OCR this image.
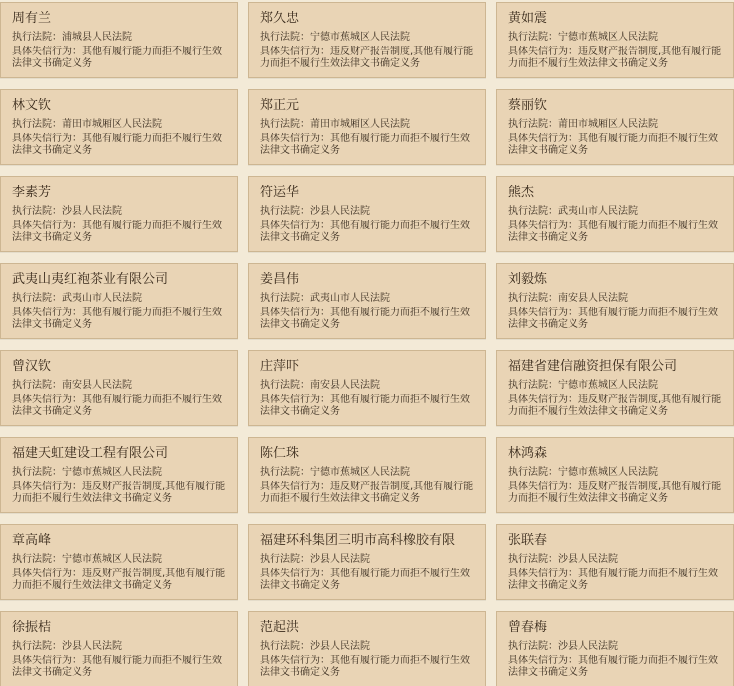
周有兰
执行法院：浦城县人民法院
具体失信行为：其他有履行能力而拒不履行生效法律文书确定义务
郑久忠
执行法院：宁德市蕉城区人民法院
具体失信行为：违反财产报告制度,其他有履行能力而拒不履行生效法律文书确定义务
黄如震
执行法院：宁德市蕉城区人民法院
具体失信行为：违反财产报告制度,其他有履行能力而拒不履行生效法律文书确定义务
林文钦
执行法院：莆田市城厢区人民法院
具体失信行为：其他有履行能力而拒不履行生效法律文书确定义务
郑正元
执行法院：莆田市城厢区人民法院
具体失信行为：其他有履行能力而拒不履行生效法律文书确定义务
蔡丽钦
执行法院：莆田市城厢区人民法院
具体失信行为：其他有履行能力而拒不履行生效法律文书确定义务
李素芳
执行法院：沙县人民法院
具体失信行为：其他有履行能力而拒不履行生效法律文书确定义务
符运华
执行法院：沙县人民法院
具体失信行为：其他有履行能力而拒不履行生效法律文书确定义务
熊杰
执行法院：武夷山市人民法院
具体失信行为：其他有履行能力而拒不履行生效法律文书确定义务
武夷山夷红袍茶业有限公司
执行法院：武夷山市人民法院
具体失信行为：其他有履行能力而拒不履行生效法律文书确定义务
姜昌伟
执行法院：武夷山市人民法院
具体失信行为：其他有履行能力而拒不履行生效法律文书确定义务
刘毅炼
执行法院：南安县人民法院
具体失信行为：其他有履行能力而拒不履行生效法律文书确定义务
曾汉钦
执行法院：南安县人民法院
具体失信行为：其他有履行能力而拒不履行生效法律文书确定义务
庄萍吓
执行法院：南安县人民法院
具体失信行为：其他有履行能力而拒不履行生效法律文书确定义务
福建省建信融资担保有限公司
执行法院：宁德市蕉城区人民法院
具体失信行为：违反财产报告制度,其他有履行能力而拒不履行生效法律文书确定义务
福建天虹建设工程有限公司
执行法院：宁德市蕉城区人民法院
具体失信行为：违反财产报告制度,其他有履行能力而拒不履行生效法律文书确定义务
陈仁珠
执行法院：宁德市蕉城区人民法院
具体失信行为：违反财产报告制度,其他有履行能力而拒不履行生效法律文书确定义务
林鸿森
执行法院：宁德市蕉城区人民法院
具体失信行为：违反财产报告制度,其他有履行能力而拒不履行生效法律文书确定义务
章高峰
执行法院：宁德市蕉城区人民法院
具体失信行为：违反财产报告制度,其他有履行能力而拒不履行生效法律文书确定义务
福建环科集团三明市高科橡胶有限
执行法院：沙县人民法院
具体失信行为：其他有履行能力而拒不履行生效法律文书确定义务
张联春
执行法院：沙县人民法院
具体失信行为：其他有履行能力而拒不履行生效法律文书确定义务
徐振桔
执行法院：沙县人民法院
具体失信行为：其他有履行能力而拒不履行生效法律文书确定义务
范起洪
执行法院：沙县人民法院
具体失信行为：其他有履行能力而拒不履行生效法律文书确定义务
曾春梅
执行法院：沙县人民法院
具体失信行为：其他有履行能力而拒不履行生效法律文书确定义务
